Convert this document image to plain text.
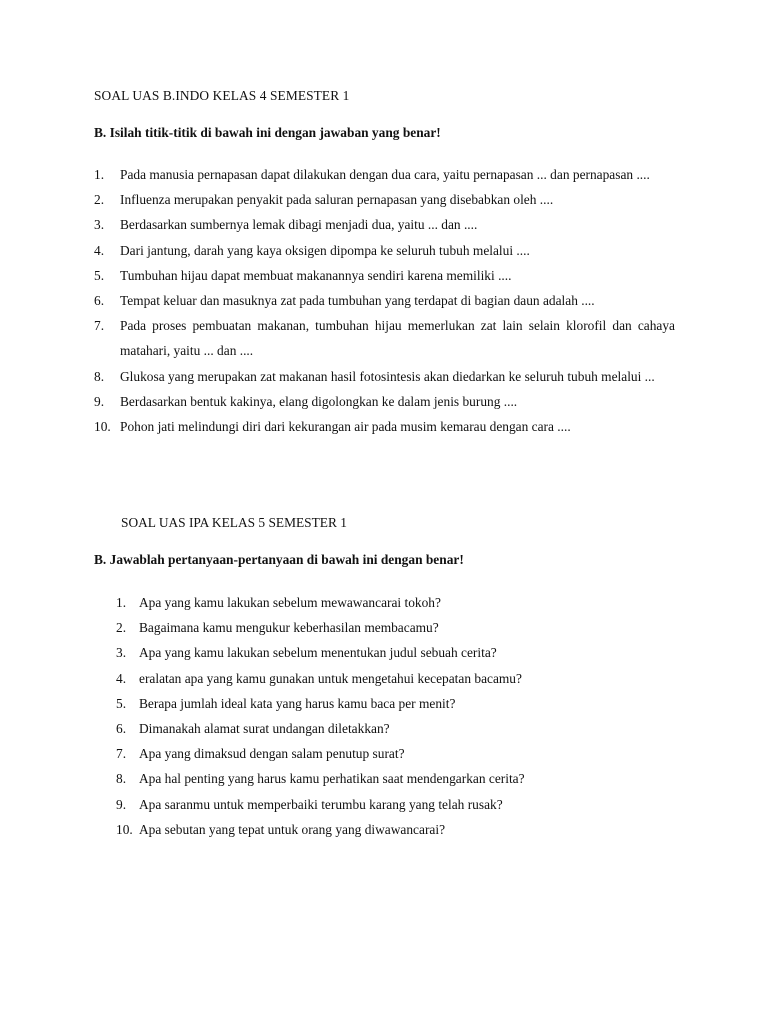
SOAL UAS B.INDO KELAS 4 SEMESTER 1
B. Isilah titik-titik di bawah ini dengan jawaban yang benar!
1. Pada manusia pernapasan dapat dilakukan dengan dua cara, yaitu pernapasan ... dan pernapasan ....
2. Influenza merupakan penyakit pada saluran pernapasan yang disebabkan oleh ....
3. Berdasarkan sumbernya lemak dibagi menjadi dua, yaitu ... dan ....
4. Dari jantung, darah yang kaya oksigen dipompa ke seluruh tubuh melalui ....
5. Tumbuhan hijau dapat membuat makanannya sendiri karena memiliki ....
6. Tempat keluar dan masuknya zat pada tumbuhan yang terdapat di bagian daun adalah ....
7. Pada proses pembuatan makanan, tumbuhan hijau memerlukan zat lain selain klorofil dan cahaya matahari, yaitu ... dan ....
8. Glukosa yang merupakan zat makanan hasil fotosintesis akan diedarkan ke seluruh tubuh melalui ...
9. Berdasarkan bentuk kakinya, elang digolongkan ke dalam jenis burung ....
10. Pohon jati melindungi diri dari kekurangan air pada musim kemarau dengan cara ....
SOAL UAS IPA KELAS 5 SEMESTER 1
B. Jawablah pertanyaan-pertanyaan di bawah ini dengan benar!
1. Apa yang kamu lakukan sebelum mewawancarai tokoh?
2. Bagaimana kamu mengukur keberhasilan membacamu?
3. Apa yang kamu lakukan sebelum menentukan judul sebuah cerita?
4. eralatan apa yang kamu gunakan untuk mengetahui kecepatan bacamu?
5. Berapa jumlah ideal kata yang harus kamu baca per menit?
6. Dimanakah alamat surat undangan diletakkan?
7. Apa yang dimaksud dengan salam penutup surat?
8. Apa hal penting yang harus kamu perhatikan saat mendengarkan cerita?
9. Apa saranmu untuk memperbaiki terumbu karang yang telah rusak?
10. Apa sebutan yang tepat untuk orang yang diwawancarai?
